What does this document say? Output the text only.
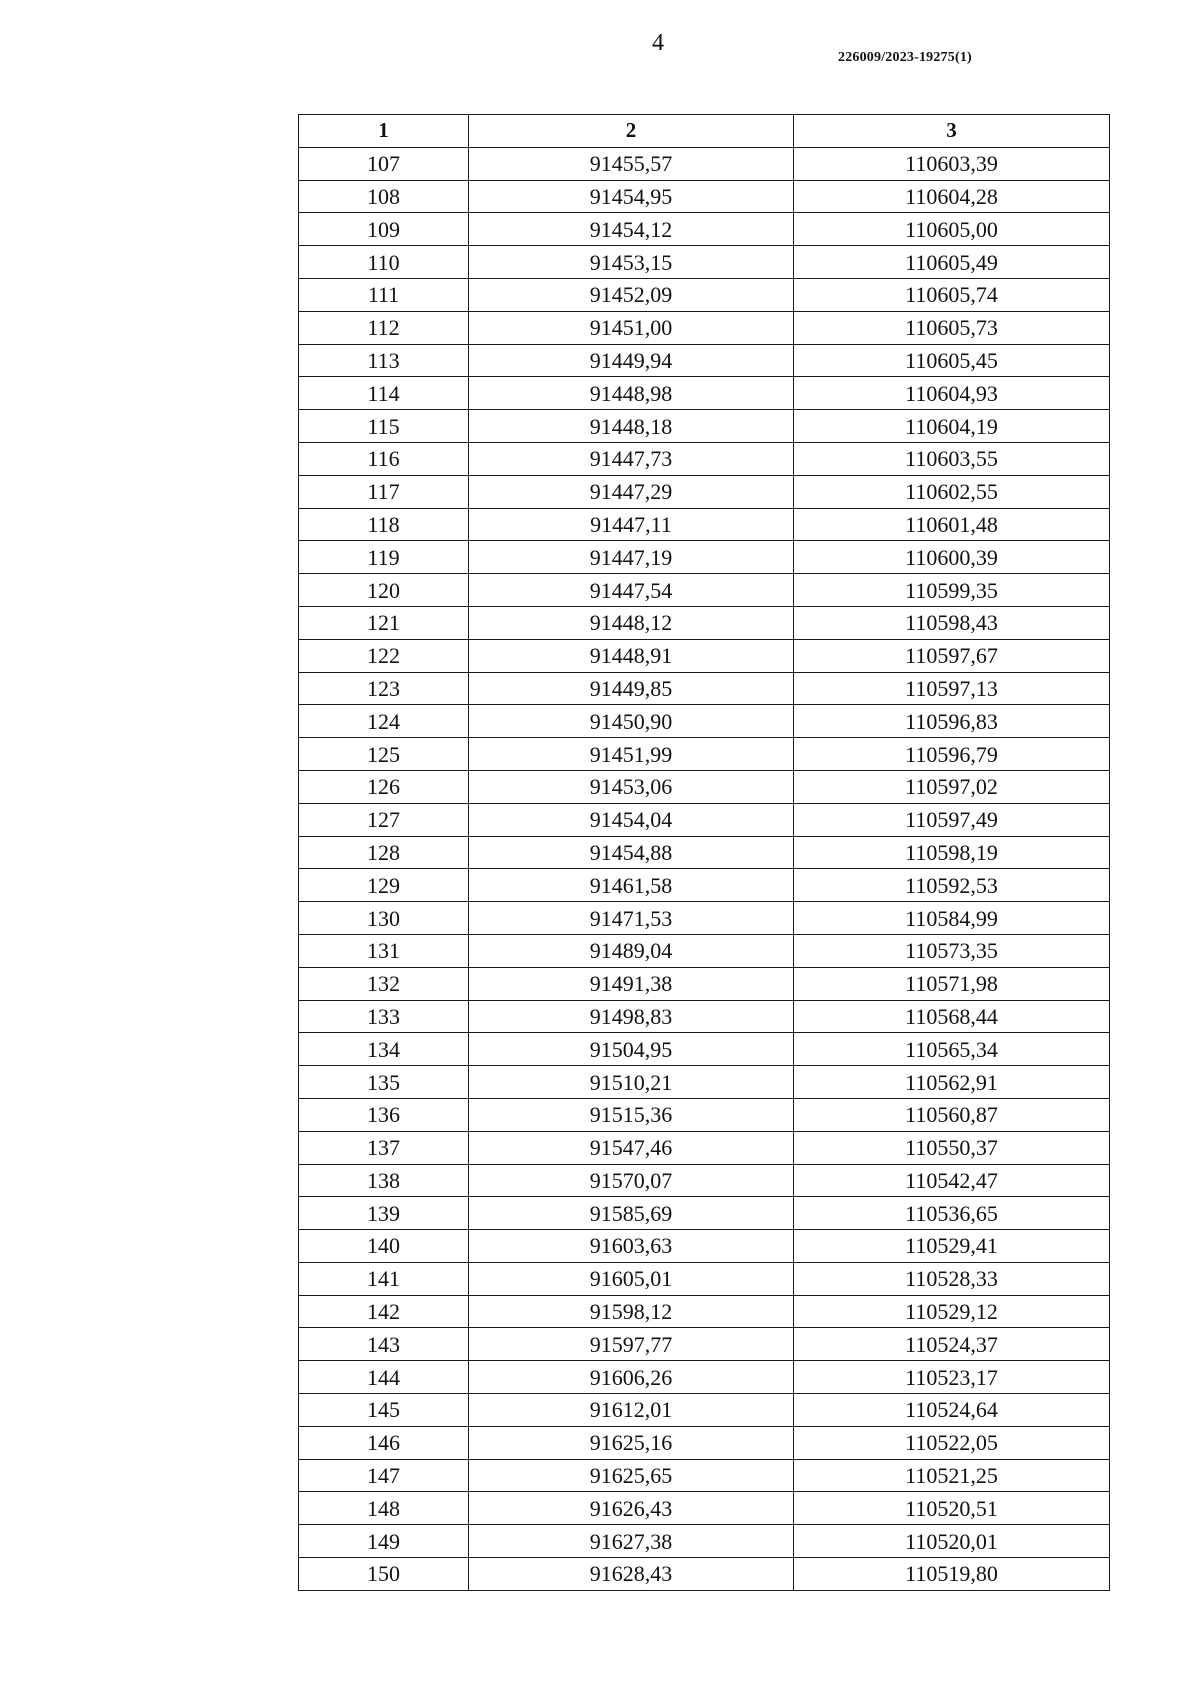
4
226009/2023-19275(1)
1	2	3
107	91455,57	110603,39
108	91454,95	110604,28
109	91454,12	110605,00
110	91453,15	110605,49
111	91452,09	110605,74
112	91451,00	110605,73
113	91449,94	110605,45
114	91448,98	110604,93
115	91448,18	110604,19
116	91447,73	110603,55
117	91447,29	110602,55
118	91447,11	110601,48
119	91447,19	110600,39
120	91447,54	110599,35
121	91448,12	110598,43
122	91448,91	110597,67
123	91449,85	110597,13
124	91450,90	110596,83
125	91451,99	110596,79
126	91453,06	110597,02
127	91454,04	110597,49
128	91454,88	110598,19
129	91461,58	110592,53
130	91471,53	110584,99
131	91489,04	110573,35
132	91491,38	110571,98
133	91498,83	110568,44
134	91504,95	110565,34
135	91510,21	110562,91
136	91515,36	110560,87
137	91547,46	110550,37
138	91570,07	110542,47
139	91585,69	110536,65
140	91603,63	110529,41
141	91605,01	110528,33
142	91598,12	110529,12
143	91597,77	110524,37
144	91606,26	110523,17
145	91612,01	110524,64
146	91625,16	110522,05
147	91625,65	110521,25
148	91626,43	110520,51
149	91627,38	110520,01
150	91628,43	110519,80
